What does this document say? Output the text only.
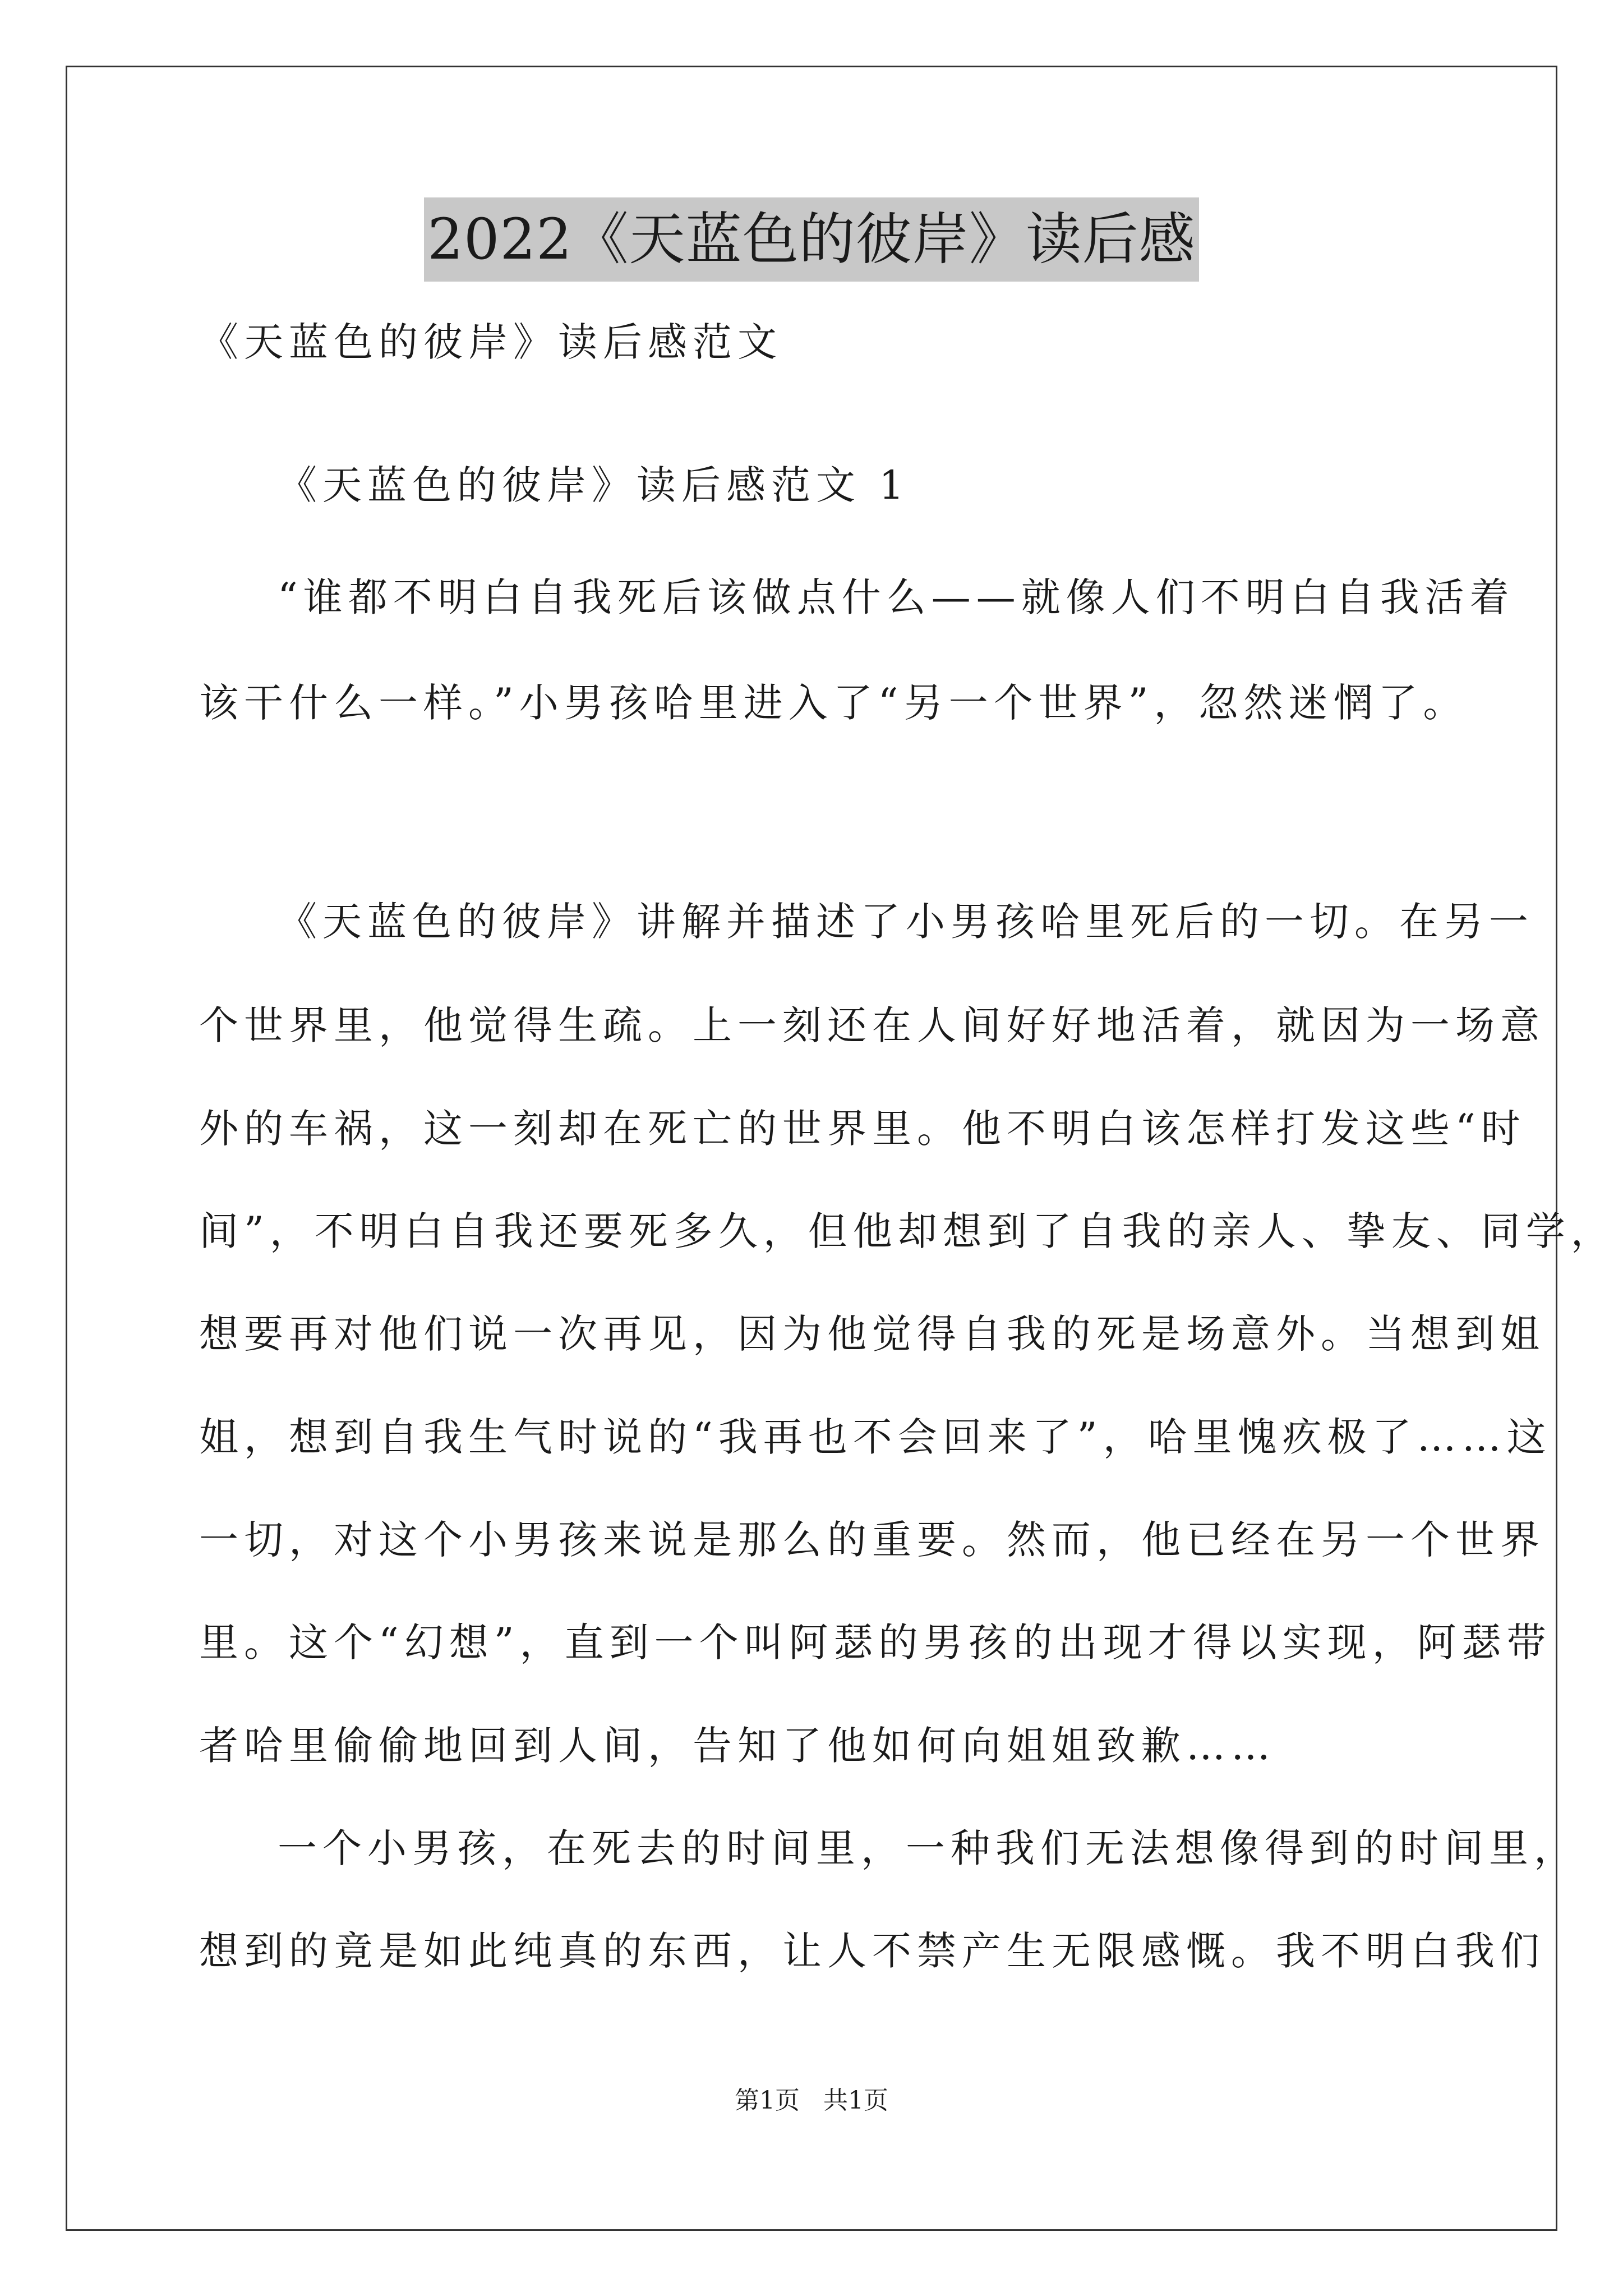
2022《天蓝色的彼岸》读后感
《天蓝色的彼岸》读后感范文
《天蓝色的彼岸》读后感范文 1
“谁都不明白自我死后该做点什么——就像人们不明白自我活着
该干什么一样。”小男孩哈里进入了“另一个世界”，忽然迷惘了。
《天蓝色的彼岸》讲解并描述了小男孩哈里死后的一切。在另一
个世界里，他觉得生疏。上一刻还在人间好好地活着，就因为一场意
外的车祸，这一刻却在死亡的世界里。他不明白该怎样打发这些“时
间”，不明白自我还要死多久，但他却想到了自我的亲人、挚友、同学，
想要再对他们说一次再见，因为他觉得自我的死是场意外。当想到姐
姐，想到自我生气时说的“我再也不会回来了”，哈里愧疚极了……这
一切，对这个小男孩来说是那么的重要。然而，他已经在另一个世界
里。这个“幻想”，直到一个叫阿瑟的男孩的出现才得以实现，阿瑟带
者哈里偷偷地回到人间，告知了他如何向姐姐致歉……
一个小男孩，在死去的时间里，一种我们无法想像得到的时间里，
想到的竟是如此纯真的东西，让人不禁产生无限感慨。我不明白我们
第1页   共1页
